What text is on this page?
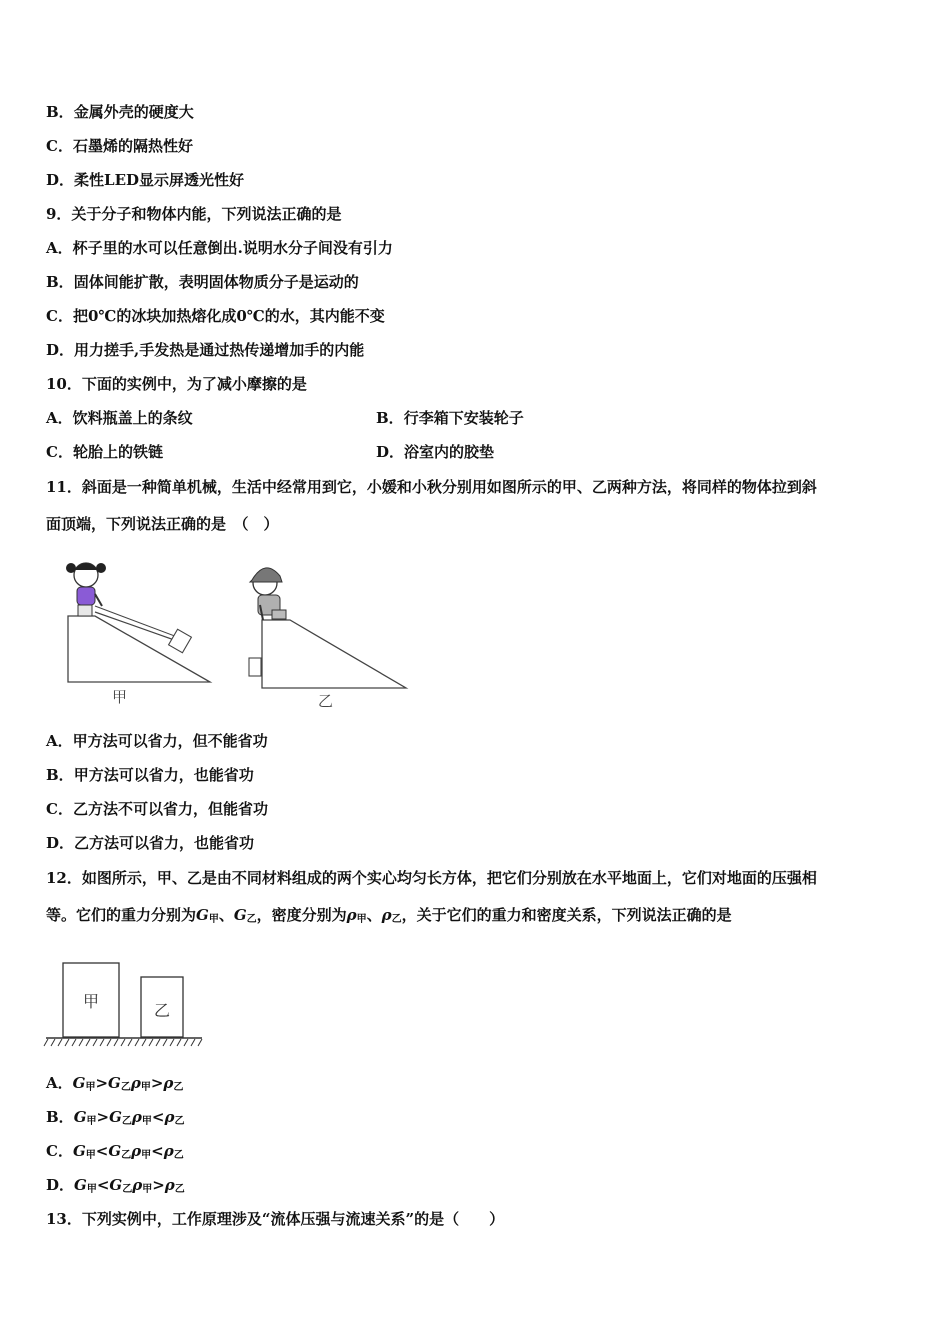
B．金属外壳的硬度大
C．石墨烯的隔热性好
D．柔性LED显示屏透光性好
9．关于分子和物体内能，下列说法正确的是
A．杯子里的水可以任意倒出.说明水分子间没有引力
B．固体间能扩散，表明固体物质分子是运动的
C．把0℃的冰块加热熔化成0℃的水，其内能不变
D．用力搓手,手发热是通过热传递增加手的内能
10．下面的实例中，为了减小摩擦的是
A．饮料瓶盖上的条纹	B．行李箱下安装轮子
C．轮胎上的铁链	D．浴室内的胶垫
11．斜面是一种简单机械，生活中经常用到它，小媛和小秋分别用如图所示的甲、乙两种方法，将同样的物体拉到斜
面顶端，下列说法正确的是　（　）
甲	乙
A．甲方法可以省力，但不能省功
B．甲方法可以省力，也能省功
C．乙方法不可以省力，但能省功
D．乙方法可以省力，也能省功
12．如图所示，甲、乙是由不同材料组成的两个实心均匀长方体，把它们分别放在水平地面上，它们对地面的压强相
等。它们的重力分别为$G_甲$、$G_乙$，密度分别为$\rho_甲$、$\rho_乙$，关于它们的重力和密度关系，下列说法正确的是
甲	乙
A．$G_甲>G_乙\rho_甲>\rho_乙$
B．$G_甲>G_乙\rho_甲<\rho_乙$
C．$G_甲<G_乙\rho_甲<\rho_乙$
D．$G_甲<G_乙\rho_甲>\rho_乙$
13．下列实例中，工作原理涉及“流体压强与流速关系”的是（　　）
